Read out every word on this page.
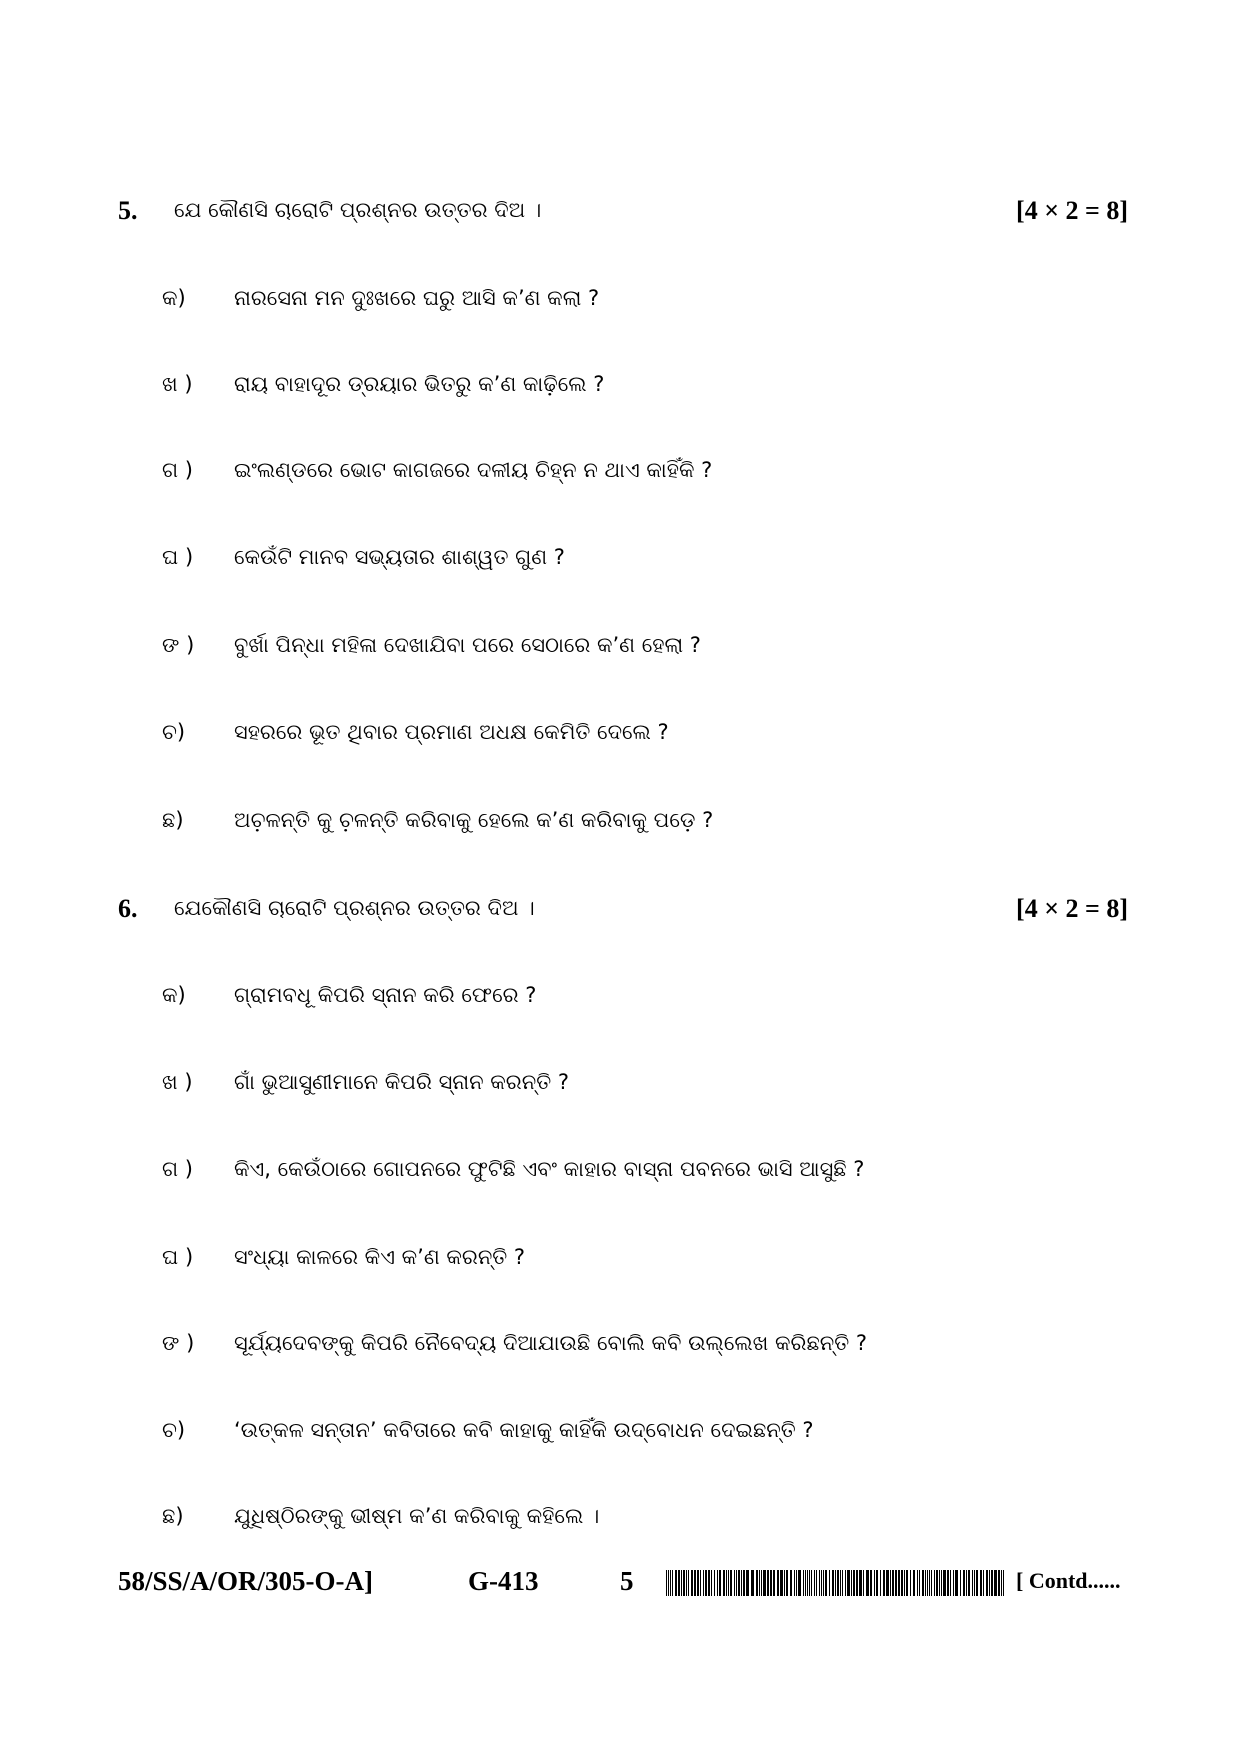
5. ଯେ କୌଣସି ଚାରୋଟି ପ୍ରଶ୍ନର ଉତ୍ତର ଦିଅ ।	[4 × 2 = 8]
କ)	ନାରସେନା ମନ ଦୁଃଖରେ ଘରୁ ଆସି କ’ଣ କଲା ?
ଖ )	ରାୟ ବାହାଦୂର ଡ୍ରୟାର ଭିତରୁ କ’ଣ କାଢ଼ିଲେ ?
ଗ )	ଇଂଲଣ୍ଡରେ ଭୋଟ କାଗଜରେ ଦଳୀୟ ଚିହ୍ନ ନ ଥାଏ କାହିଁକି ?
ଘ )	କେଉଁଟି ମାନବ ସଭ୍ୟତାର ଶାଶ୍ୱତ ଗୁଣ ?
ଙ )	ବୁର୍ଖା ପିନ୍ଧା ମହିଳା ଦେଖାଯିବା ପରେ ସେଠାରେ କ’ଣ ହେଲା ?
ଚ)	ସହରରେ ଭୂତ ଥିବାର ପ୍ରମାଣ ଅଧକ୍ଷ କେମିତି ଦେଲେ ?
ଛ)	ଅଚ଼ଳନ୍ତି କୁ ଚ଼ଳନ୍ତି କରିବାକୁ ହେଲେ କ’ଣ କରିବାକୁ ପଡ଼େ ?
6. ଯେକୌଣସି ଚାରୋଟି ପ୍ରଶ୍ନର ଉତ୍ତର ଦିଅ ।	[4 × 2 = 8]
କ)	ଗ୍ରାମବଧୂ କିପରି ସ୍ନାନ କରି ଫେରେ ?
ଖ )	ଗାଁ ଭୁଆସୁଣୀମାନେ କିପରି ସ୍ନାନ କରନ୍ତି ?
ଗ )	କିଏ, କେଉଁଠାରେ ଗୋପନରେ ଫୁଟିଛି ଏବଂ କାହାର ବାସ୍ନା ପବନରେ ଭାସି ଆସୁଛି ?
ଘ )	ସଂଧ୍ୟା କାଳରେ କିଏ କ’ଣ କରନ୍ତି ?
ଙ )	ସୂର୍ଯ୍ୟଦେବଙ୍କୁ କିପରି ନୈବେଦ୍ୟ ଦିଆଯାଉଛି ବୋଲି କବି ଉଲ୍ଲେଖ କରିଛନ୍ତି ?
ଚ)	‘ଉତ୍କଳ ସନ୍ତାନ’ କବିତାରେ କବି କାହାକୁ କାହିଁକି ଉଦ୍‌ବୋଧନ ଦେଇଛନ୍ତି ?
ଛ)	ଯୁଧିଷ୍ଠିରଙ୍କୁ ଭୀଷ୍ମ କ’ଣ କରିବାକୁ କହିଲେ ।
58/SS/A/OR/305-O-A]	G-413	5	[ Contd......
